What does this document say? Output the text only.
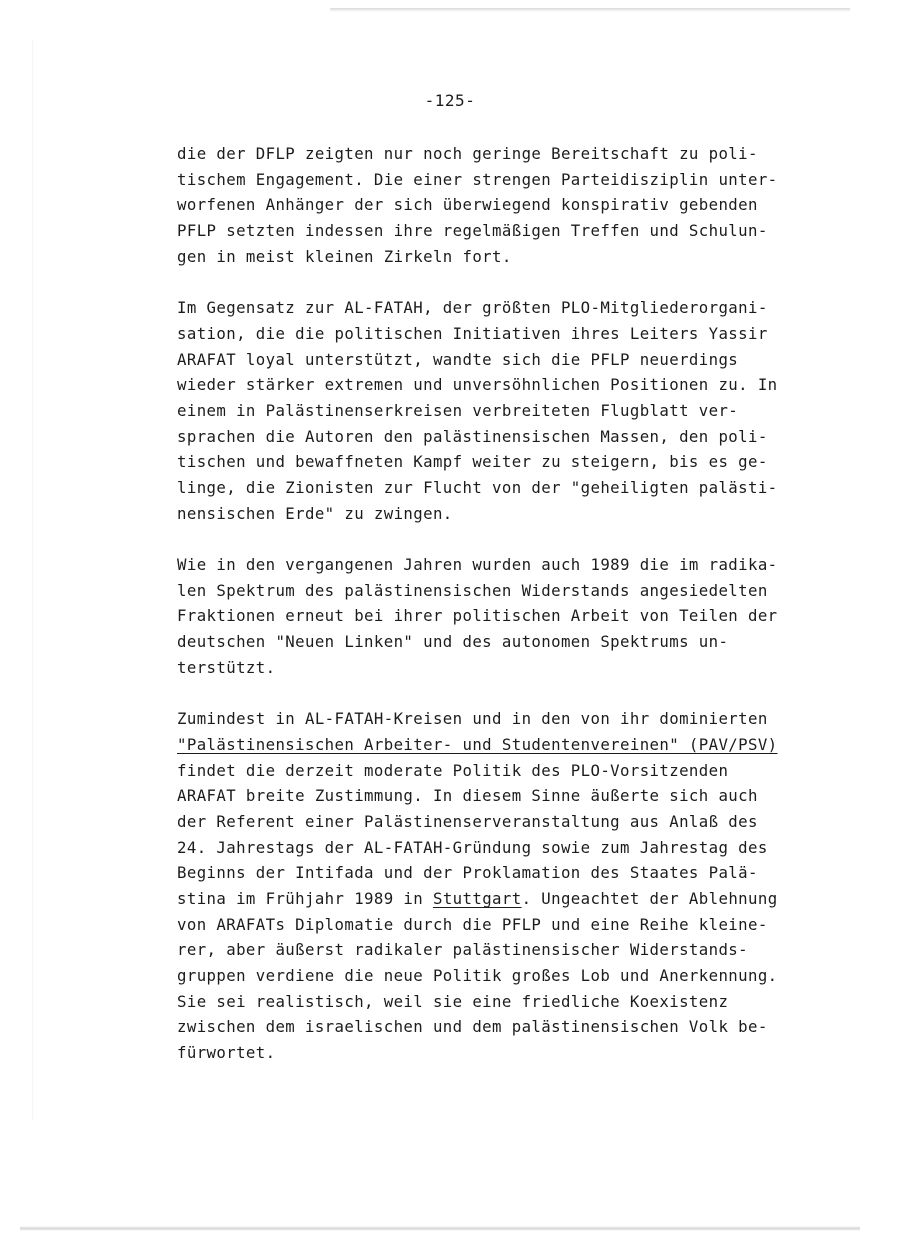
-125-

die der DFLP zeigten nur noch geringe Bereitschaft zu poli-
tischem Engagement. Die einer strengen Parteidisziplin unter-
worfenen Anhänger der sich überwiegend konspirativ gebenden
PFLP setzten indessen ihre regelmäßigen Treffen und Schulun-
gen in meist kleinen Zirkeln fort.

Im Gegensatz zur AL-FATAH, der größten PLO-Mitgliederorgani-
sation, die die politischen Initiativen ihres Leiters Yassir
ARAFAT loyal unterstützt, wandte sich die PFLP neuerdings
wieder stärker extremen und unversöhnlichen Positionen zu. In
einem in Palästinenserkreisen verbreiteten Flugblatt ver-
sprachen die Autoren den palästinensischen Massen, den poli-
tischen und bewaffneten Kampf weiter zu steigern, bis es ge-
linge, die Zionisten zur Flucht von der "geheiligten palästi-
nensischen Erde" zu zwingen.

Wie in den vergangenen Jahren wurden auch 1989 die im radika-
len Spektrum des palästinensischen Widerstands angesiedelten
Fraktionen erneut bei ihrer politischen Arbeit von Teilen der
deutschen "Neuen Linken" und des autonomen Spektrums un-
terstützt.

Zumindest in AL-FATAH-Kreisen und in den von ihr dominierten
"Palästinensischen Arbeiter- und Studentenvereinen" (PAV/PSV)
findet die derzeit moderate Politik des PLO-Vorsitzenden
ARAFAT breite Zustimmung. In diesem Sinne äußerte sich auch
der Referent einer Palästinenserveranstaltung aus Anlaß des
24. Jahrestags der AL-FATAH-Gründung sowie zum Jahrestag des
Beginns der Intifada und der Proklamation des Staates Palä-
stina im Frühjahr 1989 in Stuttgart. Ungeachtet der Ablehnung
von ARAFATs Diplomatie durch die PFLP und eine Reihe kleine-
rer, aber äußerst radikaler palästinensischer Widerstands-
gruppen verdiene die neue Politik großes Lob und Anerkennung.
Sie sei realistisch, weil sie eine friedliche Koexistenz
zwischen dem israelischen und dem palästinensischen Volk be-
fürwortet.
